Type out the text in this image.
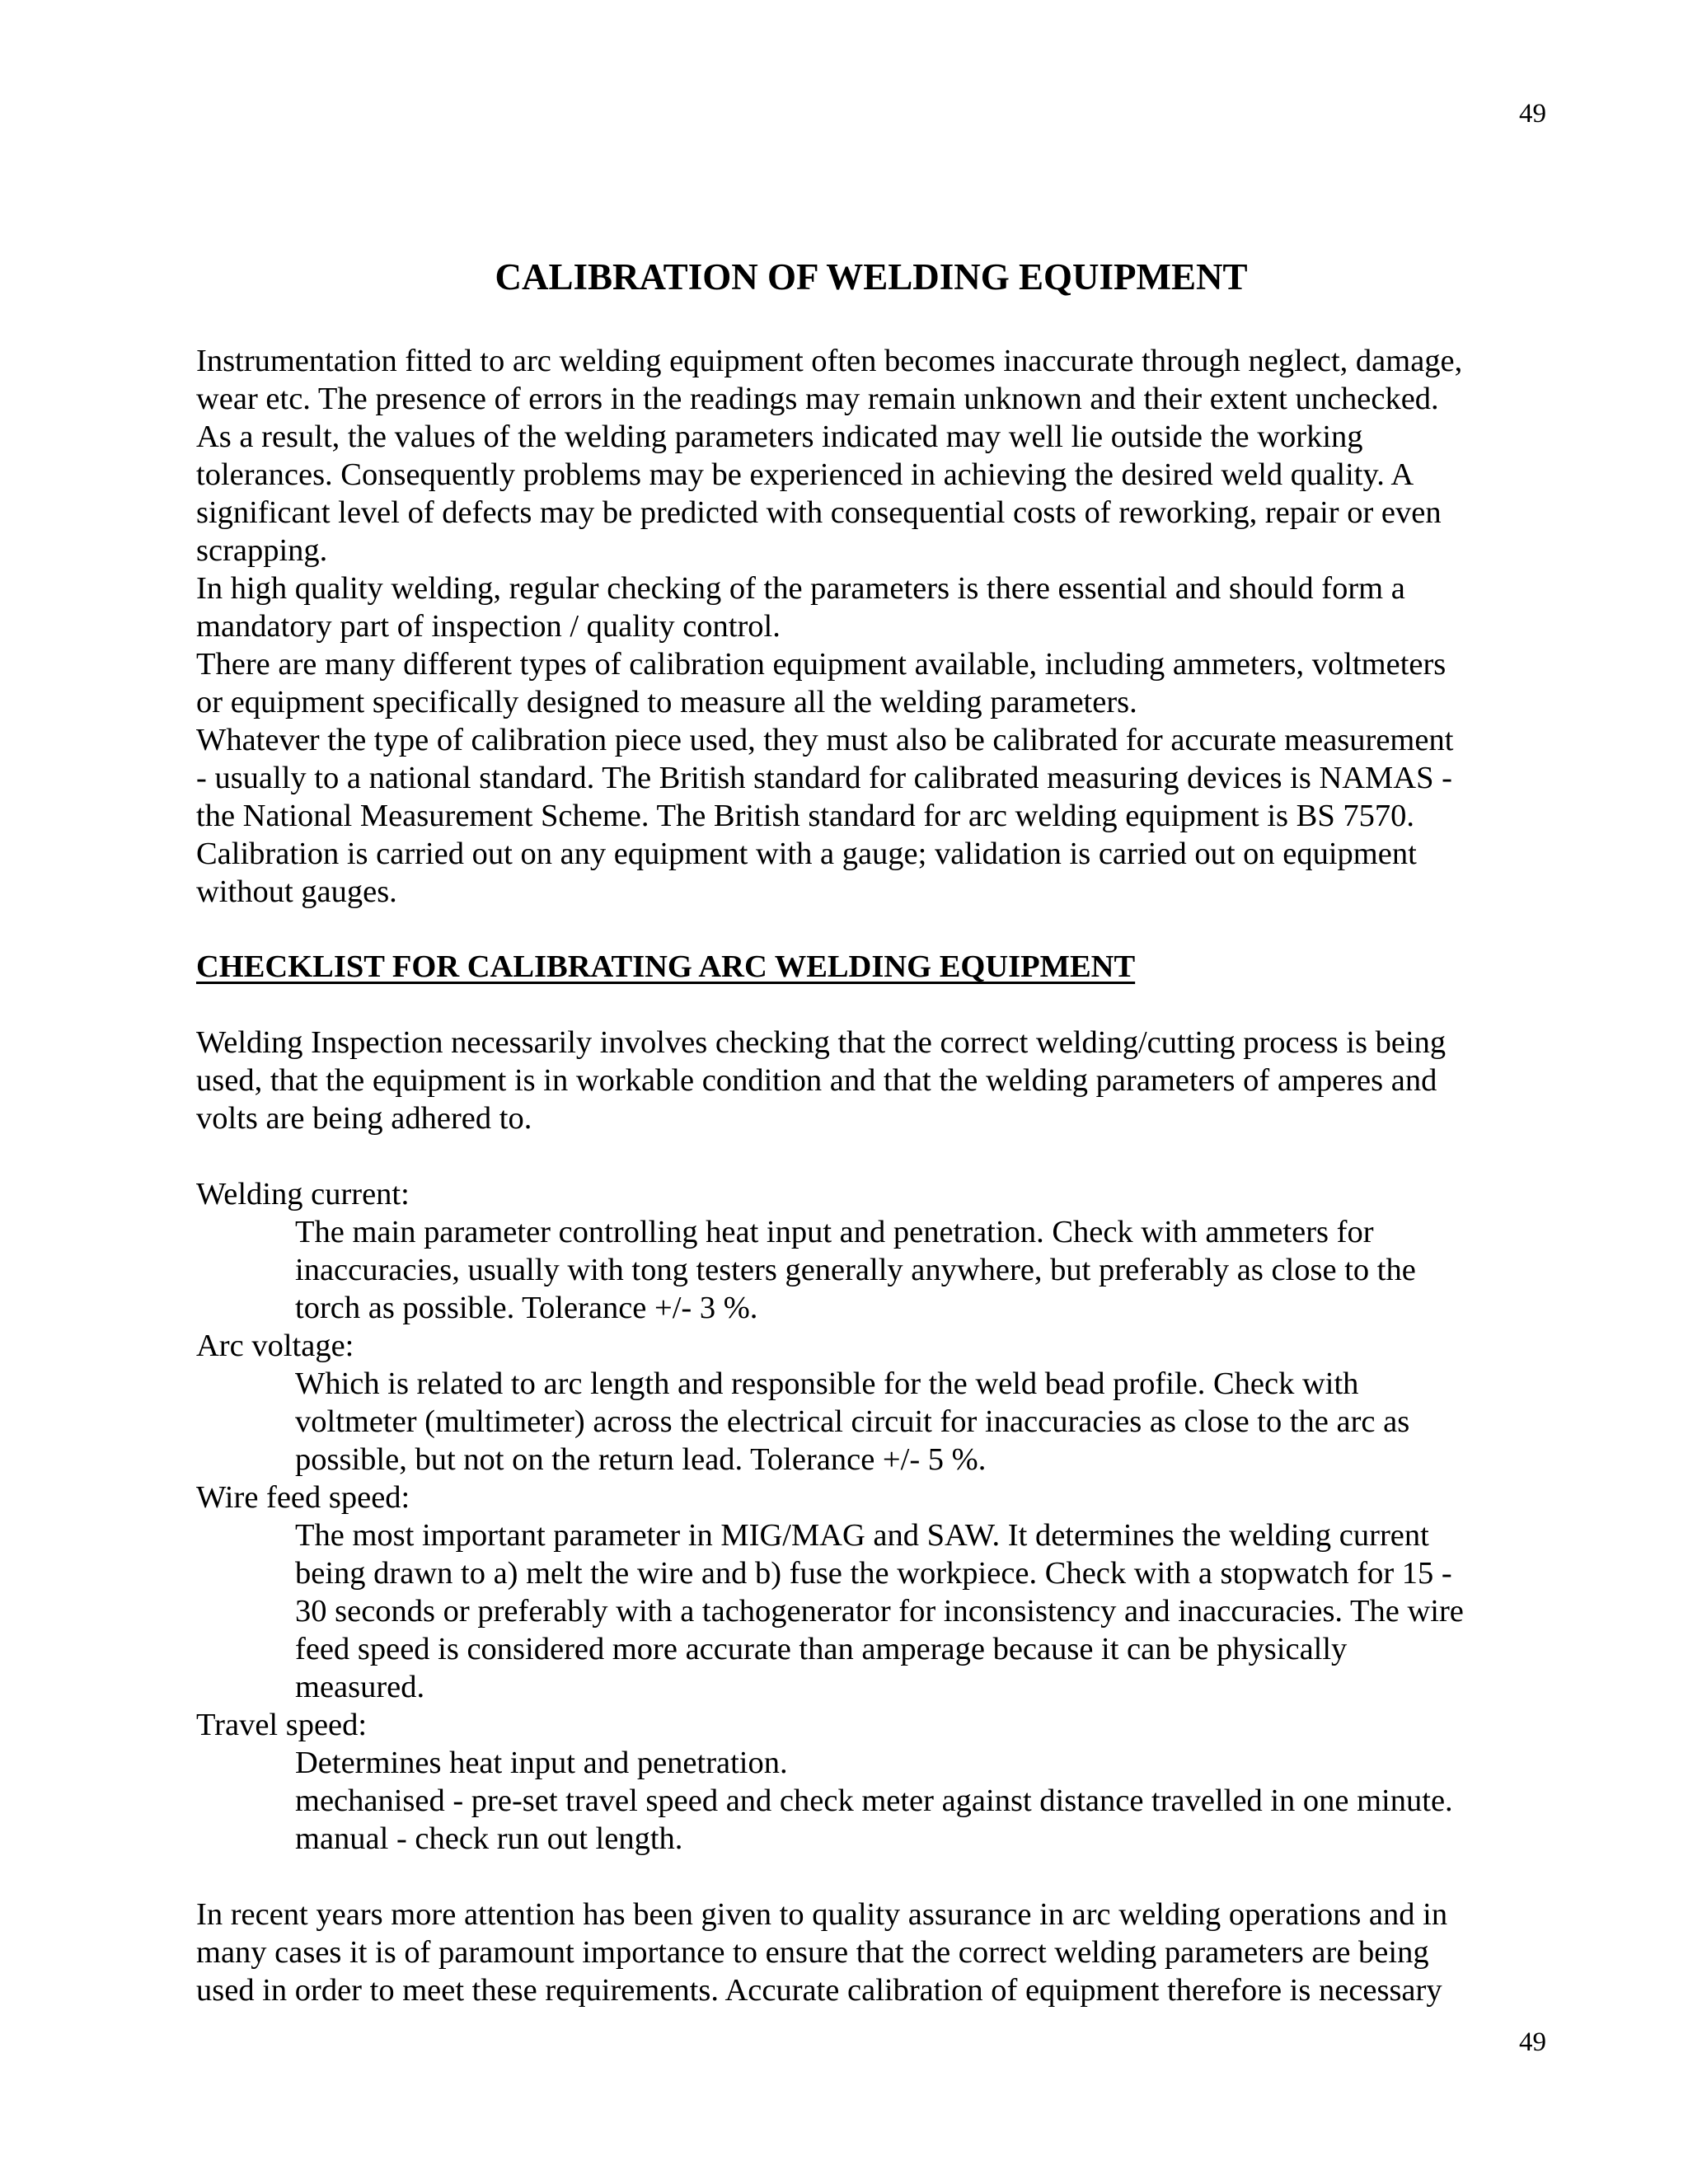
49
CALIBRATION OF WELDING EQUIPMENT
Instrumentation fitted to arc welding equipment often becomes inaccurate through neglect, damage,
wear etc. The presence of errors in the readings may remain unknown and their extent unchecked.
As a result, the values of the welding parameters indicated may well lie outside the working
tolerances. Consequently problems may be experienced in achieving the desired weld quality. A
significant level of defects may be predicted with consequential costs of reworking, repair or even
scrapping.
In high quality welding, regular checking of the parameters is there essential and should form a
mandatory part of inspection / quality control.
There are many different types of calibration equipment available, including ammeters, voltmeters
or equipment specifically designed to measure all the welding parameters.
Whatever the type of calibration piece used, they must also be calibrated for accurate measurement
- usually to a national standard. The British standard for calibrated measuring devices is NAMAS -
the National Measurement Scheme. The British standard for arc welding equipment is BS 7570.
Calibration is carried out on any equipment with a gauge; validation is carried out on equipment
without gauges.
CHECKLIST FOR CALIBRATING ARC WELDING EQUIPMENT
Welding Inspection necessarily involves checking that the correct welding/cutting process is being
used, that the equipment is in workable condition and that the welding parameters of amperes and
volts are being adhered to.
Welding current:
The main parameter controlling heat input and penetration. Check with ammeters for
inaccuracies, usually with tong testers generally anywhere, but preferably as close to the
torch as possible. Tolerance +/- 3 %.
Arc voltage:
Which is related to arc length and responsible for the weld bead profile. Check with
voltmeter (multimeter) across the electrical circuit for inaccuracies as close to the arc as
possible, but not on the return lead. Tolerance +/- 5 %.
Wire feed speed:
The most important parameter in MIG/MAG and SAW. It determines the welding current
being drawn to a) melt the wire and b) fuse the workpiece. Check with a stopwatch for 15 -
30 seconds or preferably with a tachogenerator for inconsistency and inaccuracies. The wire
feed speed is considered more accurate than amperage because it can be physically
measured.
Travel speed:
Determines heat input and penetration.
mechanised - pre-set travel speed and check meter against distance travelled in one minute.
manual - check run out length.
In recent years more attention has been given to quality assurance in arc welding operations and in
many cases it is of paramount importance to ensure that the correct welding parameters are being
used in order to meet these requirements. Accurate calibration of equipment therefore is necessary
49
